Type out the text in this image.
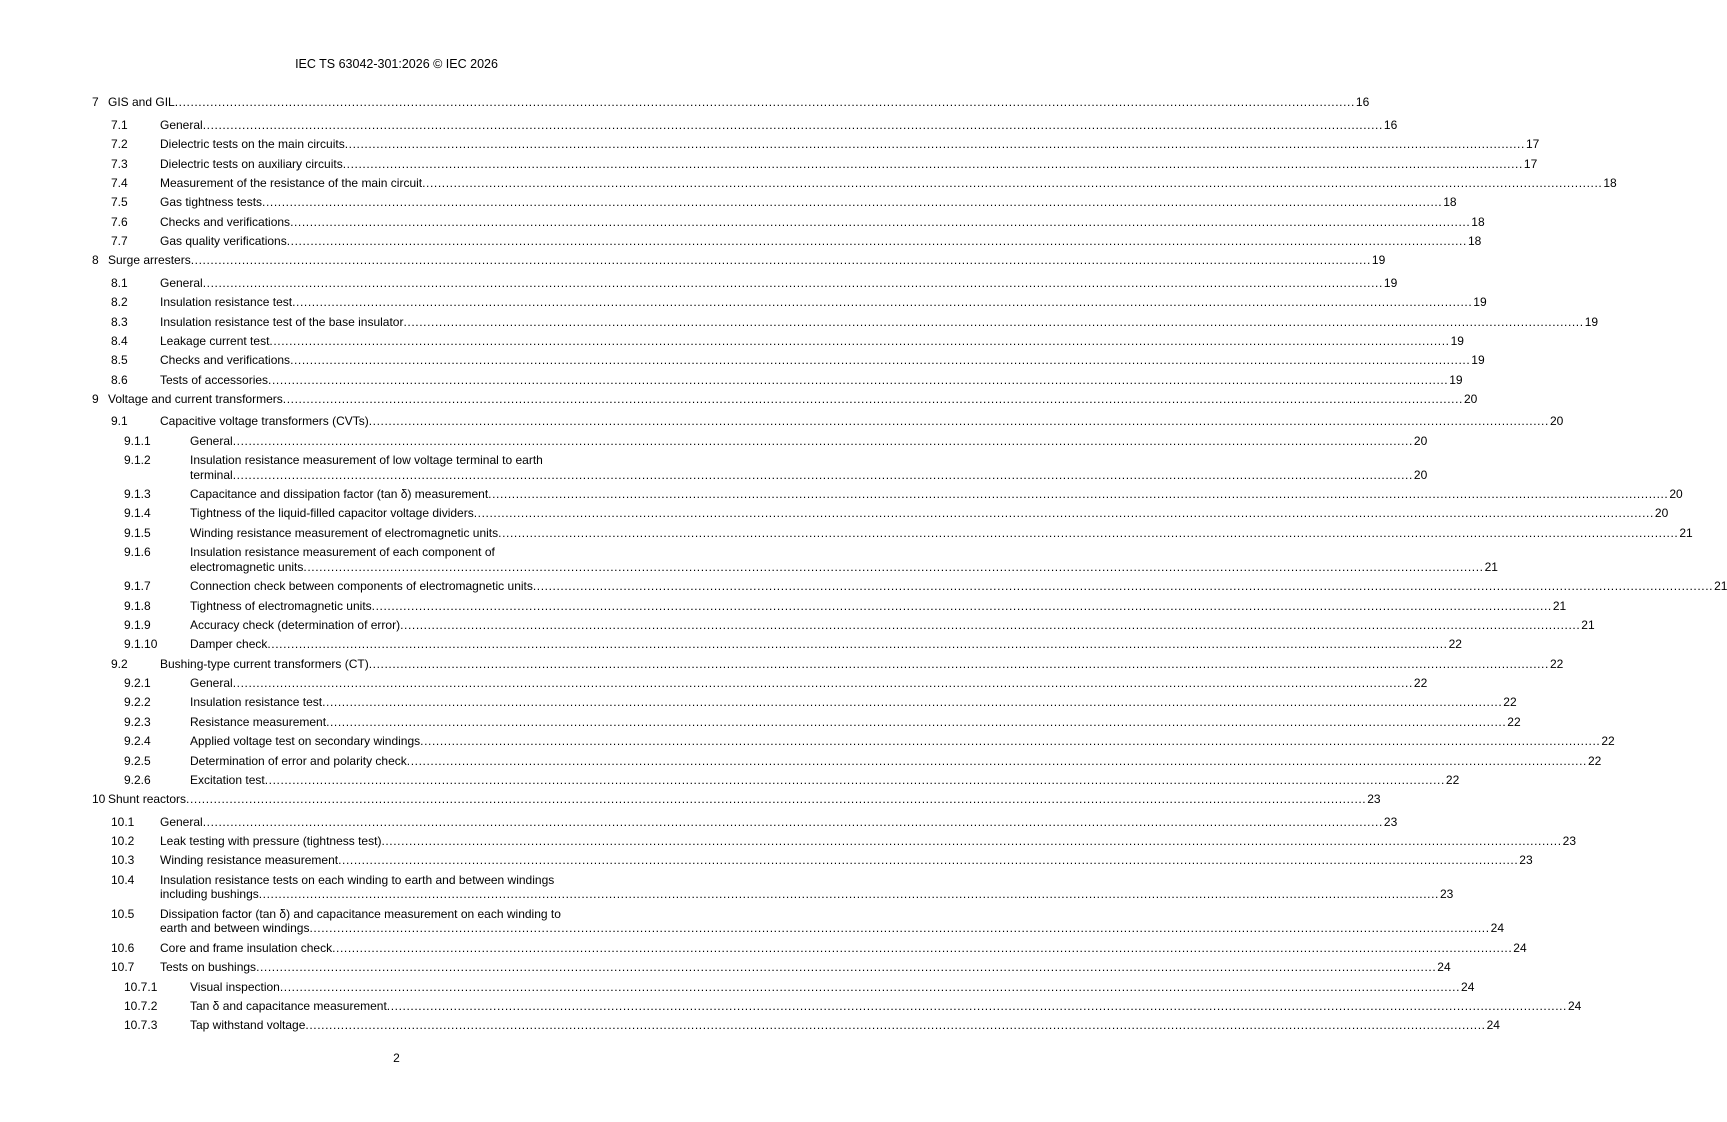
IEC TS 63042-301:2026 © IEC 2026
7 GIS and GIL ............................................................................................................................................................................................................................................................................................................ 16
7.1	General ............................................................................................................................................................................................................................................................................................................ 16
7.2	Dielectric tests on the main circuits ............................................................................................................................................................................................................................................................................................................ 17
7.3	Dielectric tests on auxiliary circuits ............................................................................................................................................................................................................................................................................................................ 17
7.4	Measurement of the resistance of the main circuit ............................................................................................................................................................................................................................................................................................................ 18
7.5	Gas tightness tests ............................................................................................................................................................................................................................................................................................................ 18
7.6	Checks and verifications ............................................................................................................................................................................................................................................................................................................ 18
7.7	Gas quality verifications ............................................................................................................................................................................................................................................................................................................ 18
8 Surge arresters ............................................................................................................................................................................................................................................................................................................ 19
8.1	General ............................................................................................................................................................................................................................................................................................................ 19
8.2	Insulation resistance test ............................................................................................................................................................................................................................................................................................................ 19
8.3	Insulation resistance test of the base insulator ............................................................................................................................................................................................................................................................................................................ 19
8.4	Leakage current test ............................................................................................................................................................................................................................................................................................................ 19
8.5	Checks and verifications ............................................................................................................................................................................................................................................................................................................ 19
8.6	Tests of accessories ............................................................................................................................................................................................................................................................................................................ 19
9 Voltage and current transformers ............................................................................................................................................................................................................................................................................................................ 20
9.1	Capacitive voltage transformers (CVTs) ............................................................................................................................................................................................................................................................................................................ 20
9.1.1	General ............................................................................................................................................................................................................................................................................................................ 20
9.1.2	Insulation resistance measurement of low voltage terminal to earth
terminal ............................................................................................................................................................................................................................................................................................................ 20
9.1.3	Capacitance and dissipation factor (tan δ) measurement ............................................................................................................................................................................................................................................................................................................ 20
9.1.4	Tightness of the liquid-filled capacitor voltage dividers ............................................................................................................................................................................................................................................................................................................ 20
9.1.5	Winding resistance measurement of electromagnetic units ............................................................................................................................................................................................................................................................................................................ 21
9.1.6	Insulation resistance measurement of each component of
electromagnetic units ............................................................................................................................................................................................................................................................................................................ 21
9.1.7	Connection check between components of electromagnetic units ............................................................................................................................................................................................................................................................................................................ 21
9.1.8	Tightness of electromagnetic units ............................................................................................................................................................................................................................................................................................................ 21
9.1.9	Accuracy check (determination of error) ............................................................................................................................................................................................................................................................................................................ 21
9.1.10	Damper check ............................................................................................................................................................................................................................................................................................................ 22
9.2	Bushing-type current transformers (CT) ............................................................................................................................................................................................................................................................................................................ 22
9.2.1	General ............................................................................................................................................................................................................................................................................................................ 22
9.2.2	Insulation resistance test ............................................................................................................................................................................................................................................................................................................ 22
9.2.3	Resistance measurement ............................................................................................................................................................................................................................................................................................................ 22
9.2.4	Applied voltage test on secondary windings ............................................................................................................................................................................................................................................................................................................ 22
9.2.5	Determination of error and polarity check ............................................................................................................................................................................................................................................................................................................ 22
9.2.6	Excitation test ............................................................................................................................................................................................................................................................................................................ 22
10 Shunt reactors ............................................................................................................................................................................................................................................................................................................ 23
10.1 General ............................................................................................................................................................................................................................................................................................................ 23
10.2 Leak testing with pressure (tightness test) ............................................................................................................................................................................................................................................................................................................ 23
10.3 Winding resistance measurement ............................................................................................................................................................................................................................................................................................................ 23
10.4 Insulation resistance tests on each winding to earth and between windings
including bushings ............................................................................................................................................................................................................................................................................................................ 23
10.5 Dissipation factor (tan δ) and capacitance measurement on each winding to
earth and between windings ............................................................................................................................................................................................................................................................................................................ 24
10.6 Core and frame insulation check ............................................................................................................................................................................................................................................................................................................ 24
10.7 Tests on bushings ............................................................................................................................................................................................................................................................................................................ 24
10.7.1	Visual inspection ............................................................................................................................................................................................................................................................................................................ 24
10.7.2	Tan δ and capacitance measurement ............................................................................................................................................................................................................................................................................................................ 24
10.7.3	Tap withstand voltage ............................................................................................................................................................................................................................................................................................................ 24
2
